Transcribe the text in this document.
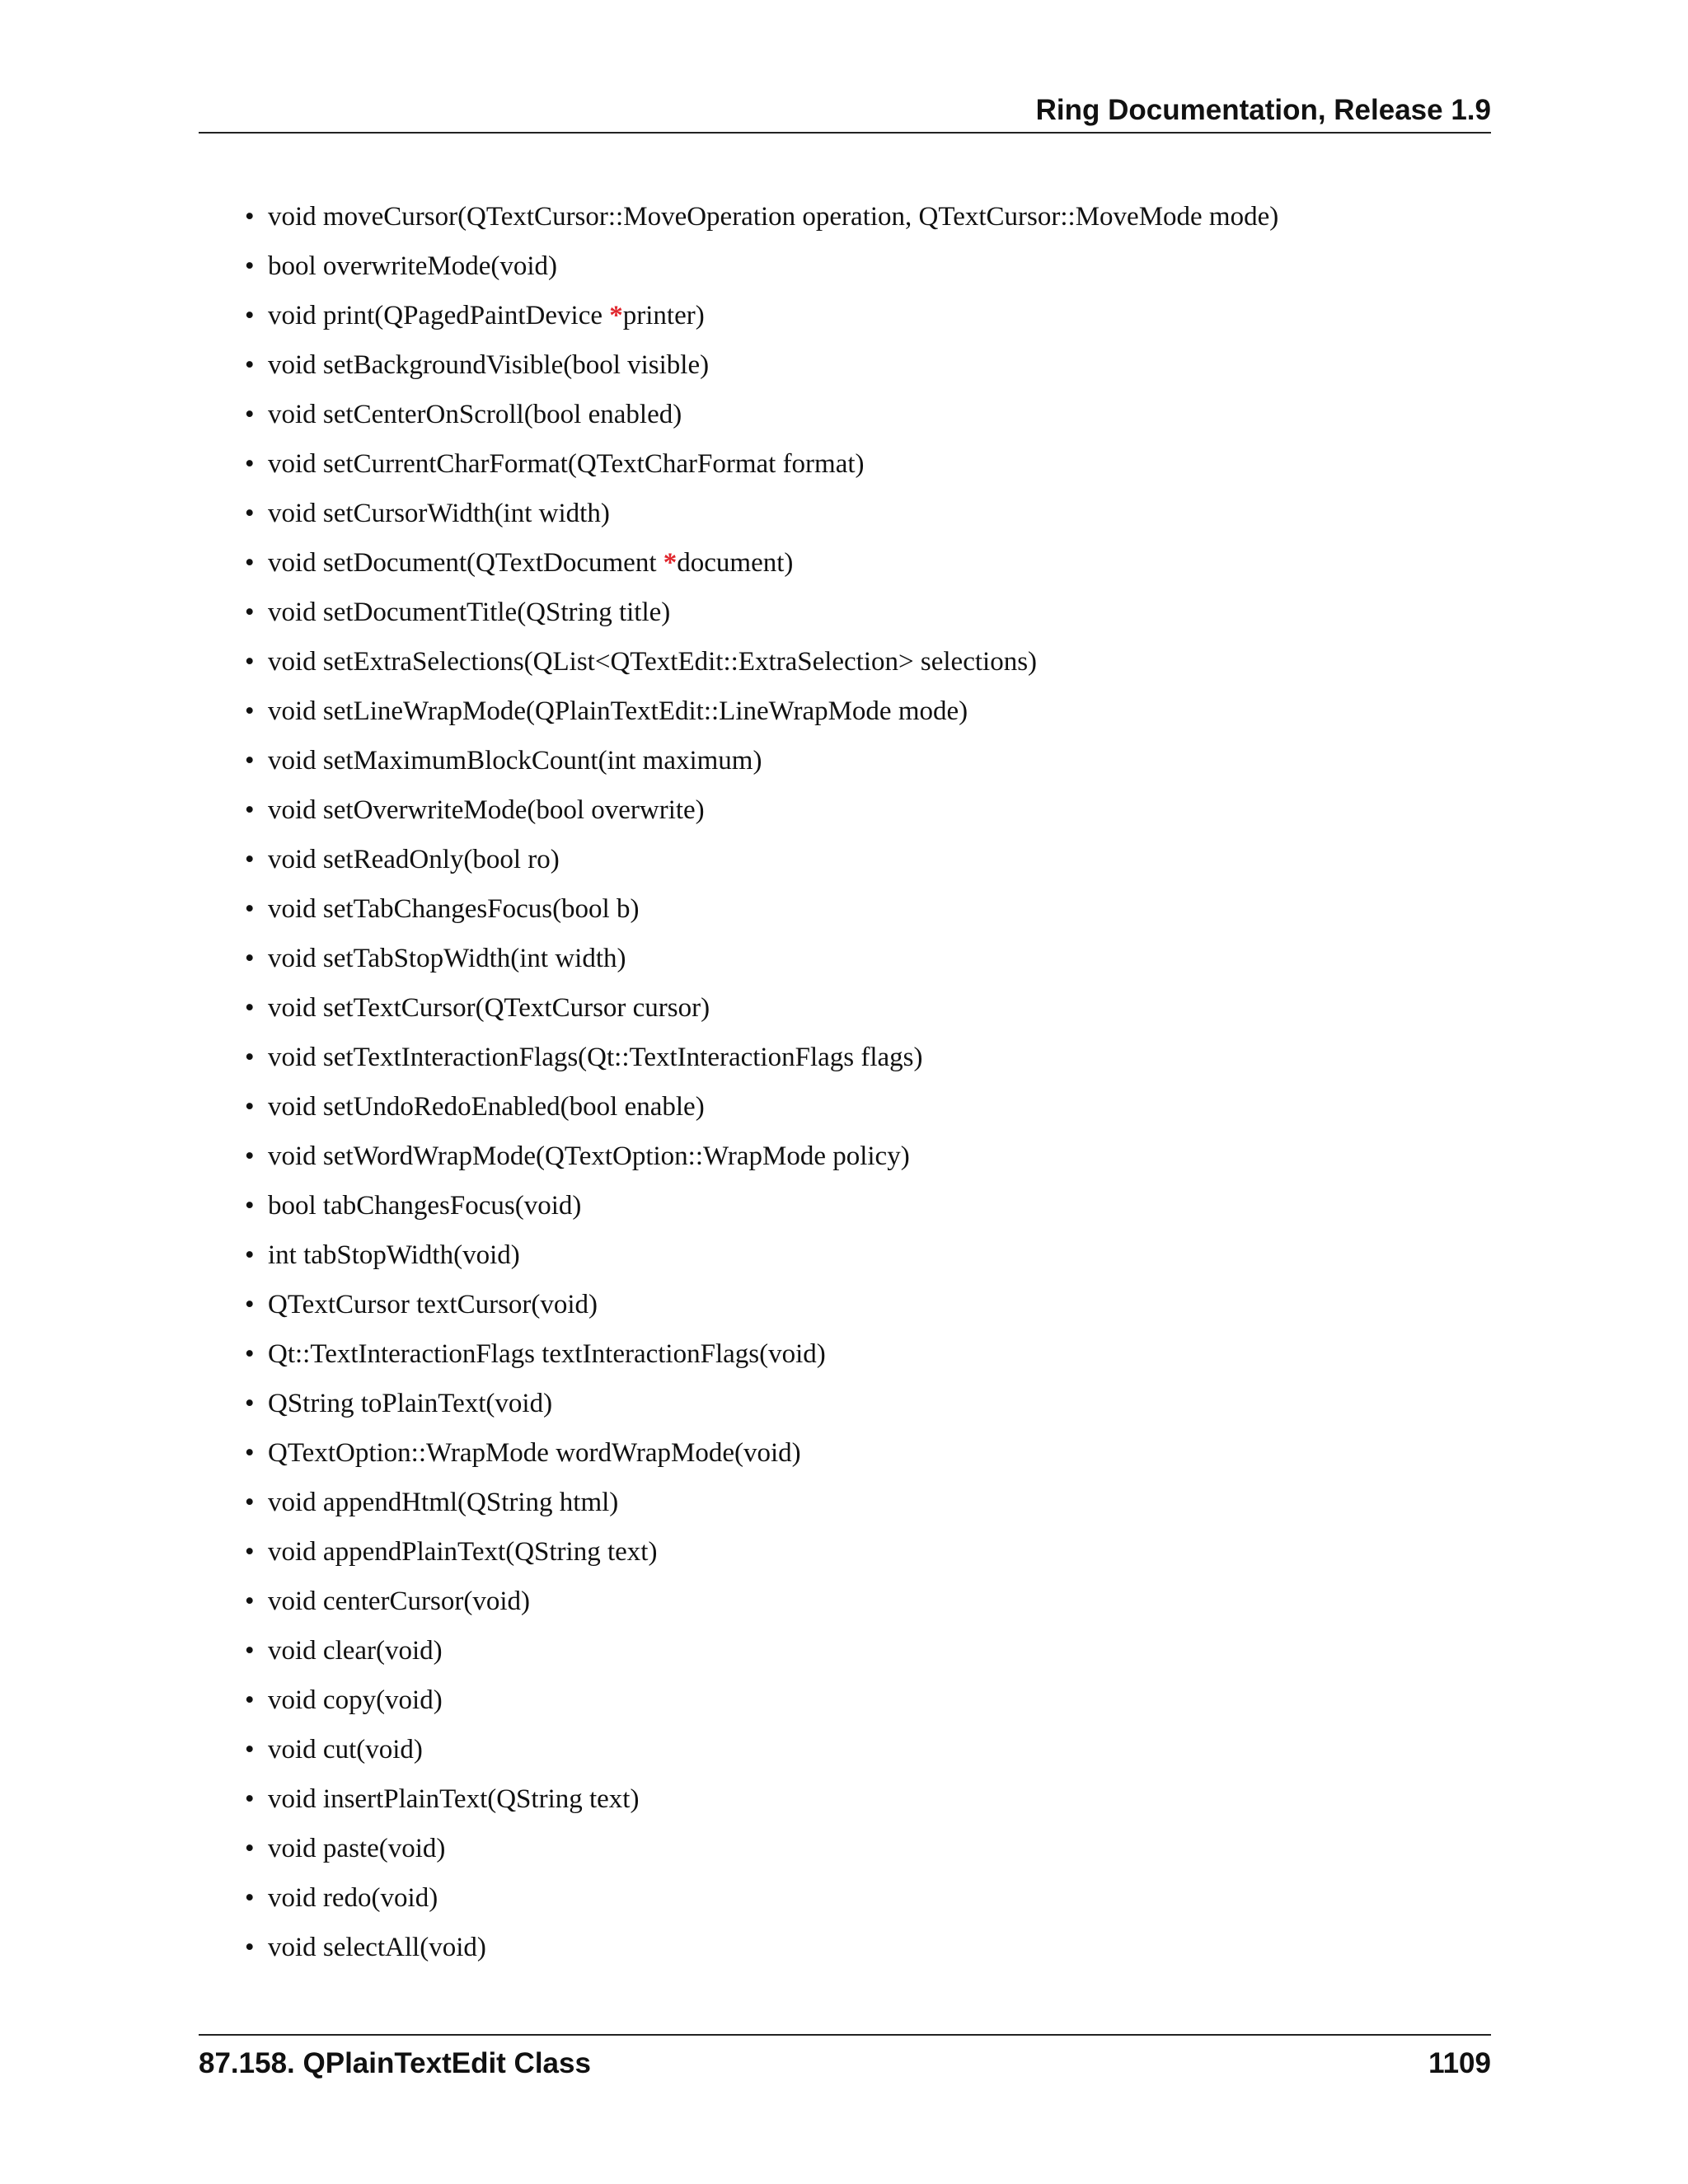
Ring Documentation, Release 1.9
• void moveCursor(QTextCursor::MoveOperation operation, QTextCursor::MoveMode mode)
• bool overwriteMode(void)
• void print(QPagedPaintDevice *printer)
• void setBackgroundVisible(bool visible)
• void setCenterOnScroll(bool enabled)
• void setCurrentCharFormat(QTextCharFormat format)
• void setCursorWidth(int width)
• void setDocument(QTextDocument *document)
• void setDocumentTitle(QString title)
• void setExtraSelections(QList<QTextEdit::ExtraSelection> selections)
• void setLineWrapMode(QPlainTextEdit::LineWrapMode mode)
• void setMaximumBlockCount(int maximum)
• void setOverwriteMode(bool overwrite)
• void setReadOnly(bool ro)
• void setTabChangesFocus(bool b)
• void setTabStopWidth(int width)
• void setTextCursor(QTextCursor cursor)
• void setTextInteractionFlags(Qt::TextInteractionFlags flags)
• void setUndoRedoEnabled(bool enable)
• void setWordWrapMode(QTextOption::WrapMode policy)
• bool tabChangesFocus(void)
• int tabStopWidth(void)
• QTextCursor textCursor(void)
• Qt::TextInteractionFlags textInteractionFlags(void)
• QString toPlainText(void)
• QTextOption::WrapMode wordWrapMode(void)
• void appendHtml(QString html)
• void appendPlainText(QString text)
• void centerCursor(void)
• void clear(void)
• void copy(void)
• void cut(void)
• void insertPlainText(QString text)
• void paste(void)
• void redo(void)
• void selectAll(void)
87.158. QPlainTextEdit Class	1109
